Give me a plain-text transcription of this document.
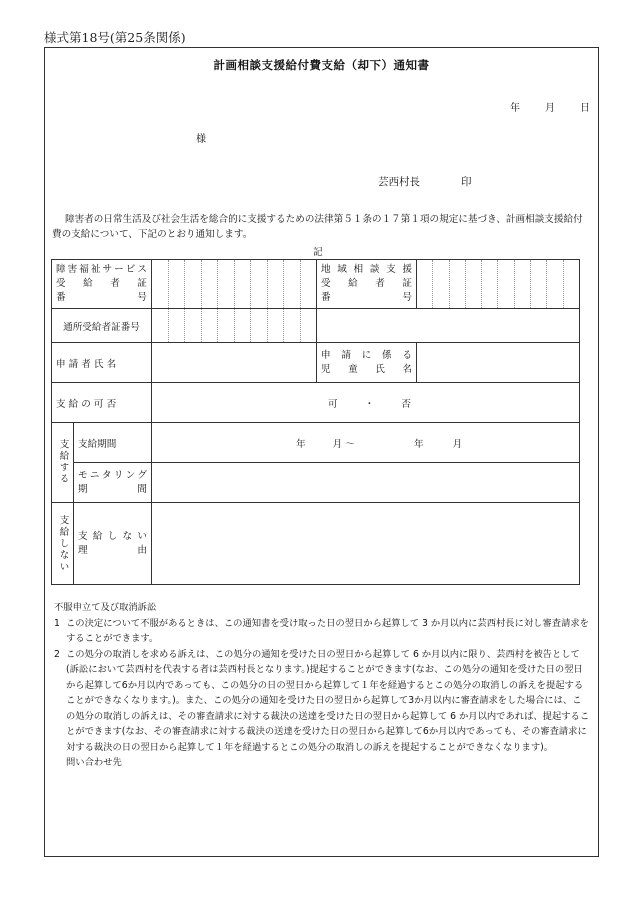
様式第18号(第25条関係)
計画相談支援給付費支給（却下）通知書
年	月	日
様
芸西村長	印
障害者の日常生活及び社会生活を総合的に支援するための法律第５１条の１７第１項の規定に基づき、計画相談支援給付費の支給について、下記のとおり通知します。
記
障害福祉サービス
受 給 者 証
番 号			地 域 相 談 支 援
受 給 者 証
番 号	

通所受給者証番号			

申 請 者 氏 名			申 請 に 係 る
児 童 氏 名	

支 給 の 可 否		可 ・ 否		

支給する	支給期間	年 月 〜 年 月		

	モニタリング
期 間			

支給しない	支 給 し な い
理 由			

不服申立て及び取消訴訟
1 この決定について不服があるときは、この通知書を受け取った日の翌日から起算して 3 か月以内に芸西村長に対し審査請求をすることができます。
2 この処分の取消しを求める訴えは、この処分の通知を受けた日の翌日から起算して 6 か月以内に限り、芸西村を被告として(訴訟において芸西村を代表する者は芸西村長となります。)提起することができます(なお、この処分の通知を受けた日の翌日から起算して6か月以内であっても、この処分の日の翌日から起算して１年を経過するとこの処分の取消しの訴えを提起することができなくなります。)。また、この処分の通知を受けた日の翌日から起算して3か月以内に審査請求をした場合には、この処分の取消しの訴えは、その審査請求に対する裁決の送達を受けた日の翌日から起算して 6 か月以内であれば、提起することができます(なお、その審査請求に対する裁決の送達を受けた日の翌日から起算して6か月以内であっても、その審査請求に対する裁決の日の翌日から起算して１年を経過するとこの処分の取消しの訴えを提起することができなくなります)。
問い合わせ先
